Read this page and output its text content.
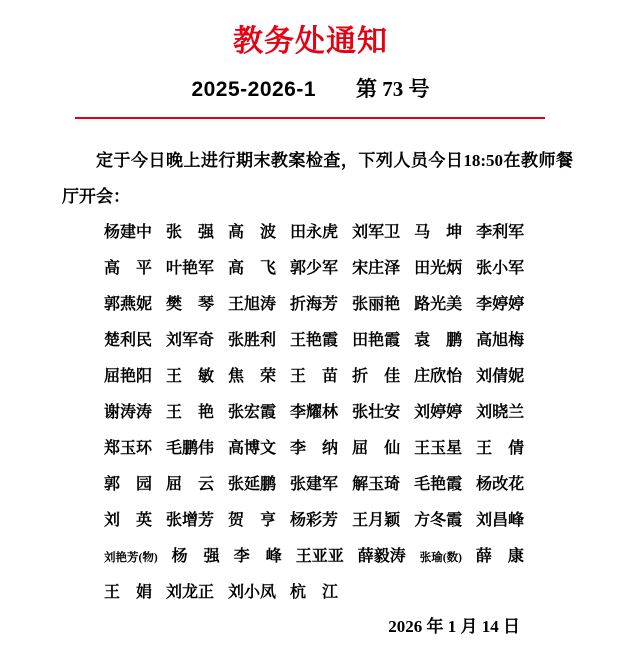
教务处通知
2025-2026-1 第 73 号

定于今日晚上进行期末教案检查，下列人员今日18:50在教师餐厅开会：

杨建中 张　强 高　波 田永虎 刘军卫 马　坤 李利军
高　平 叶艳军 高　飞 郭少军 宋庄泽 田光炳 张小军
郭燕妮 樊　琴 王旭涛 折海芳 张丽艳 路光美 李婷婷
楚利民 刘军奇 张胜利 王艳霞 田艳霞 袁　鹏 高旭梅
屈艳阳 王　敏 焦　荣 王　苗 折　佳 庄欣怡 刘倩妮
谢涛涛 王　艳 张宏霞 李耀林 张壮安 刘婷婷 刘晓兰
郑玉环 毛鹏伟 高博文 李　纳 屈　仙 王玉星 王　倩
郭　园 屈　云 张延鹏 张建军 解玉琦 毛艳霞 杨改花
刘　英 张增芳 贺　亨 杨彩芳 王月颖 方冬霞 刘昌峰
刘艳芳(物) 杨　强 李　峰 王亚亚 薛毅涛 张瑜(数) 薛　康
王　娟 刘龙正 刘小凤 杭　江
2026 年 1 月 14 日
